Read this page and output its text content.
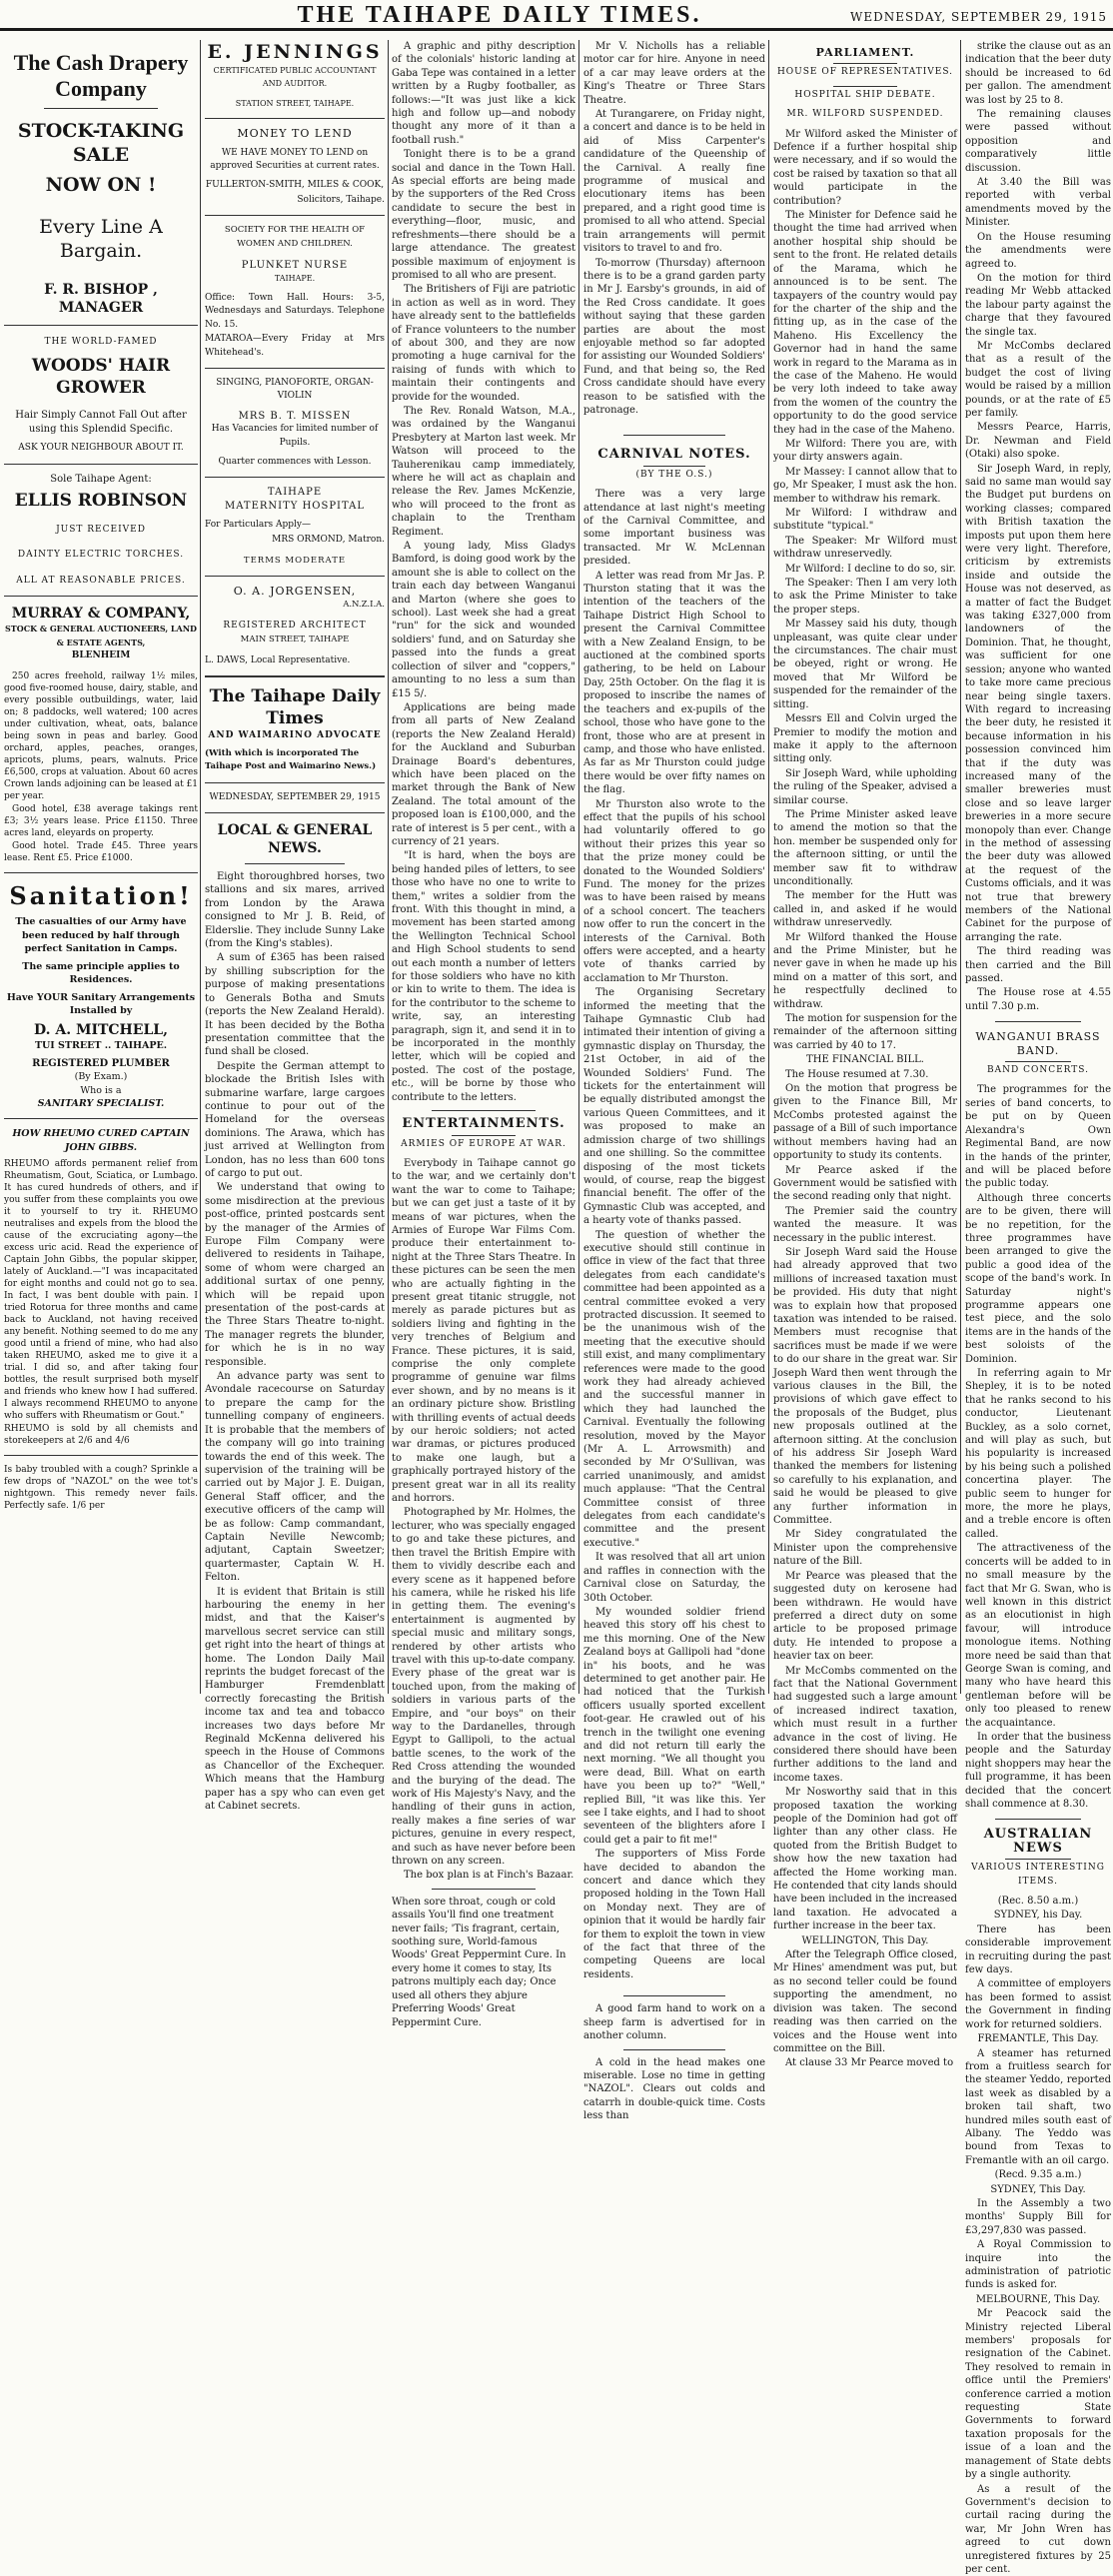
THE TAIHAPE DAILY TIMES.	WEDNESDAY, SEPTEMBER 29, 1915
The Cash Drapery Company
STOCK-TAKING SALE
NOW ON !
Every Line A Bargain.
F. R. BISHOP , MANAGER
THE WORLD-FAMED
WOODS' HAIR GROWER

Hair Simply Cannot Fall Out after using this Splendid Specific.

ASK YOUR NEIGHBOUR ABOUT IT.

Sole Taihape Agent:

ELLIS ROBINSON
JUST RECEIVED
DAINTY ELECTRIC TORCHES.
ALL AT REASONABLE PRICES.
MURRAY & COMPANY,
STOCK & GENERAL AUCTIONEERS, LAND & ESTATE AGENTS,
BLENHEIM

250 acres freehold, railway 1½ miles, good five-roomed house, dairy, stable, and every possible outbuildings, water, laid on; 8 paddocks, well watered; 100 acres under cultivation, wheat, oats, balance being sown in peas and barley. Good orchard, apples, peaches, oranges, apricots, plums, pears, walnuts. Price £6,500, crops at valuation. About 60 acres Crown lands adjoining can be leased at £1 per year.

Good hotel, £38 average takings rent £3; 3½ years lease. Price £1150. Three acres land, eleyards on property.

Good hotel. Trade £45. Three years lease. Rent £5. Price £1000.

Sanitation!

The casualties of our Army have been reduced by half through perfect Sanitation in Camps.

The same principle applies to Residences.

Have YOUR Sanitary Arrangements Installed by

D. A. MITCHELL,
TUI STREET .. TAIHAPE.
REGISTERED PLUMBER
(By Exam.)
Who is a
SANITARY SPECIALIST.
HOW RHEUMO CURED CAPTAIN JOHN GIBBS.

RHEUMO affords permanent relief from Rheumatism, Gout, Sciatica, or Lumbago. It has cured hundreds of others, and if you suffer from these complaints you owe it to yourself to try it. RHEUMO neutralises and expels from the blood the cause of the excruciating agony—the excess uric acid. Read the experience of Captain John Gibbs, the popular skipper, lately of Auckland.—"I was incapacitated for eight months and could not go to sea. In fact, I was bent double with pain. I tried Rotorua for three months and came back to Auckland, not having received any benefit. Nothing seemed to do me any good until a friend of mine, who had also taken RHEUMO, asked me to give it a trial. I did so, and after taking four bottles, the result surprised both myself and friends who knew how I had suffered. I always recommend RHEUMO to anyone who suffers with Rheumatism or Gout."

RHEUMO is sold by all chemists and storekeepers at 2/6 and 4/6

Is baby troubled with a cough? Sprinkle a few drops of "NAZOL" on the wee tot's nightgown. This remedy never fails. Perfectly safe. 1/6 per

E. JENNINGS
CERTIFICATED PUBLIC ACCOUNTANT AND AUDITOR.
STATION STREET, TAIHAPE.
MONEY TO LEND

WE HAVE MONEY TO LEND on approved Securities at current rates.

FULLERTON-SMITH, MILES & COOK,

Solicitors, Taihape.

SOCIETY FOR THE HEALTH OF WOMEN AND CHILDREN.
PLUNKET NURSE
TAIHAPE.

Office: Town Hall. Hours: 3-5, Wednesdays and Saturdays. Telephone No. 15.

MATAROA—Every Friday at Mrs Whitehead's.

SINGING, PIANOFORTE, ORGAN-VIOLIN
MRS B. T. MISSEN

Has Vacancies for limited number of Pupils.

Quarter commences with Lesson.

TAIHAPE
MATERNITY HOSPITAL

For Particulars Apply—

MRS ORMOND, Matron.

TERMS MODERATE
O. A. JORGENSEN,
A.N.Z.I.A.
REGISTERED ARCHITECT
MAIN STREET, TAIHAPE

L. DAWS, Local Representative.

The Taihape Daily Times
AND WAIMARINO ADVOCATE

(With which is incorporated The Taihape Post and Waimarino News.)

WEDNESDAY, SEPTEMBER 29, 1915
LOCAL & GENERAL NEWS.

Eight thoroughbred horses, two stallions and six mares, arrived from London by the Arawa consigned to Mr J. B. Reid, of Elderslie. They include Sunny Lake (from the King's stables).

A sum of £365 has been raised by shilling subscription for the purpose of making presentations to Generals Botha and Smuts (reports the New Zealand Herald). It has been decided by the Botha presentation committee that the fund shall be closed.

Despite the German attempt to blockade the British Isles with submarine warfare, large cargoes continue to pour out of the Homeland for the overseas dominions. The Arawa, which has just arrived at Wellington from London, has no less than 600 tons of cargo to put out.

We understand that owing to some misdirection at the previous post-office, printed postcards sent by the manager of the Armies of Europe Film Company were delivered to residents in Taihape, some of whom were charged an additional surtax of one penny, which will be repaid upon presentation of the post-cards at the Three Stars Theatre to-night. The manager regrets the blunder, for which he is in no way responsible.

An advance party was sent to Avondale racecourse on Saturday to prepare the camp for the tunnelling company of engineers. It is probable that the members of the company will go into training towards the end of this week. The supervision of the training will be carried out by Major J. E. Duigan, General Staff officer, and the executive officers of the camp will be as follow: Camp commandant, Captain Neville Newcomb; adjutant, Captain Sweetzer; quartermaster, Captain W. H. Felton.

It is evident that Britain is still harbouring the enemy in her midst, and that the Kaiser's marvellous secret service can still get right into the heart of things at home. The London Daily Mail reprints the budget forecast of the Hamburger Fremdenblatt correctly forecasting the British income tax and tea and tobacco increases two days before Mr Reginald McKenna delivered his speech in the House of Commons as Chancellor of the Exchequer. Which means that the Hamburg paper has a spy who can even get at Cabinet secrets.

A graphic and pithy description of the colonials' historic landing at Gaba Tepe was contained in a letter written by a Rugby footballer, as follows:—"It was just like a kick high and follow up—and nobody thought any more of it than a football rush."

Tonight there is to be a grand social and dance in the Town Hall. As special efforts are being made by the supporters of the Red Cross candidate to secure the best in everything—floor, music, and refreshments—there should be a large attendance. The greatest possible maximum of enjoyment is promised to all who are present.

The Britishers of Fiji are patriotic in action as well as in word. They have already sent to the battlefields of France volunteers to the number of about 300, and they are now promoting a huge carnival for the raising of funds with which to maintain their contingents and provide for the wounded.

The Rev. Ronald Watson, M.A., was ordained by the Wanganui Presbytery at Marton last week. Mr Watson will proceed to the Tauherenikau camp immediately, where he will act as chaplain and release the Rev. James McKenzie, who will proceed to the front as chaplain to the Trentham Regiment.

A young lady, Miss Gladys Bamford, is doing good work by the amount she is able to collect on the train each day between Wanganui and Marton (where she goes to school). Last week she had a great "run" for the sick and wounded soldiers' fund, and on Saturday she passed into the funds a great collection of silver and "coppers," amounting to no less a sum than £15 5/.

Applications are being made from all parts of New Zealand (reports the New Zealand Herald) for the Auckland and Suburban Drainage Board's debentures, which have been placed on the market through the Bank of New Zealand. The total amount of the proposed loan is £100,000, and the rate of interest is 5 per cent., with a currency of 21 years.

"It is hard, when the boys are being handed piles of letters, to see those who have no one to write to them," writes a soldier from the front. With this thought in mind, a movement has been started among the Wellington Technical School and High School students to send out each month a number of letters for those soldiers who have no kith or kin to write to them. The idea is for the contributor to the scheme to write, say, an interesting paragraph, sign it, and send it in to be incorporated in the monthly letter, which will be copied and posted. The cost of the postage, etc., will be borne by those who contribute to the letters.

ENTERTAINMENTS.
ARMIES OF EUROPE AT WAR.

Everybody in Taihape cannot go to the war, and we certainly don't want the war to come to Taihape; but we can get just a taste of it by means of war pictures, when the Armies of Europe War Films Com. produce their entertainment to-night at the Three Stars Theatre. In these pictures can be seen the men who are actually fighting in the present great titanic struggle, not merely as parade pictures but as soldiers living and fighting in the very trenches of Belgium and France. These pictures, it is said, comprise the only complete programme of genuine war films ever shown, and by no means is it an ordinary picture show. Bristling with thrilling events of actual deeds by our heroic soldiers; not acted war dramas, or pictures produced to make one laugh, but a graphically portrayed history of the present great war in all its reality and horrors.

Photographed by Mr. Holmes, the lecturer, who was specially engaged to go and take these pictures, and then travel the British Empire with them to vividly describe each and every scene as it happened before his camera, while he risked his life in getting them. The evening's entertainment is augmented by special music and military songs, rendered by other artists who travel with this up-to-date company. Every phase of the great war is touched upon, from the making of soldiers in various parts of the Empire, and "our boys" on their way to the Dardanelles, through Egypt to Gallipoli, to the actual battle scenes, to the work of the Red Cross attending the wounded and the burying of the dead. The work of His Majesty's Navy, and the handling of their guns in action, really makes a fine series of war pictures, genuine in every respect, and such as have never before been thrown on any screen.

The box plan is at Finch's Bazaar.

When sore throat, cough or cold assails You'll find one treatment never fails; 'Tis fragrant, certain, soothing sure, World-famous Woods' Great Peppermint Cure. In every home it comes to stay, Its patrons multiply each day; Once used all others they abjure Preferring Woods' Great Peppermint Cure.

Mr V. Nicholls has a reliable motor car for hire. Anyone in need of a car may leave orders at the King's Theatre or Three Stars Theatre.

At Turangarere, on Friday night, a concert and dance is to be held in aid of Miss Carpenter's candidature of the Queenship of the Carnival. A really fine programme of musical and elocutionary items has been prepared, and a right good time is promised to all who attend. Special train arrangements will permit visitors to travel to and fro.

To-morrow (Thursday) afternoon there is to be a grand garden party in Mr J. Earsby's grounds, in aid of the Red Cross candidate. It goes without saying that these garden parties are about the most enjoyable method so far adopted for assisting our Wounded Soldiers' Fund, and that being so, the Red Cross candidate should have every reason to be satisfied with the patronage.

CARNIVAL NOTES.
(BY THE O.S.)

There was a very large attendance at last night's meeting of the Carnival Committee, and some important business was transacted. Mr W. McLennan presided.

A letter was read from Mr Jas. P. Thurston stating that it was the intention of the teachers of the Taihape District High School to present the Carnival Committee with a New Zealand Ensign, to be auctioned at the combined sports gathering, to be held on Labour Day, 25th October. On the flag it is proposed to inscribe the names of the teachers and ex-pupils of the school, those who have gone to the front, those who are at present in camp, and those who have enlisted. As far as Mr Thurston could judge there would be over fifty names on the flag.

Mr Thurston also wrote to the effect that the pupils of his school had voluntarily offered to go without their prizes this year so that the prize money could be donated to the Wounded Soldiers' Fund. The money for the prizes was to have been raised by means of a school concert. The teachers now offer to run the concert in the interests of the Carnival. Both offers were accepted, and a hearty vote of thanks carried by acclamation to Mr Thurston.

The Organising Secretary informed the meeting that the Taihape Gymnastic Club had intimated their intention of giving a gymnastic display on Thursday, the 21st October, in aid of the Wounded Soldiers' Fund. The tickets for the entertainment will be equally distributed amongst the various Queen Committees, and it was proposed to make an admission charge of two shillings and one shilling. So the committee disposing of the most tickets would, of course, reap the biggest financial benefit. The offer of the Gymnastic Club was accepted, and a hearty vote of thanks passed.

The question of whether the executive should still continue in office in view of the fact that three delegates from each candidate's committee had been appointed as a central committee evoked a very protracted discussion. It seemed to be the unanimous wish of the meeting that the executive should still exist, and many complimentary references were made to the good work they had already achieved and the successful manner in which they had launched the Carnival. Eventually the following resolution, moved by the Mayor (Mr A. L. Arrowsmith) and seconded by Mr O'Sullivan, was carried unanimously, and amidst much applause: "That the Central Committee consist of three delegates from each candidate's committee and the present executive."

It was resolved that all art union and raffles in connection with the Carnival close on Saturday, the 30th October.

My wounded soldier friend heaved this story off his chest to me this morning. One of the New Zealand boys at Gallipoli had "done in" his boots, and he was determined to get another pair. He had noticed that the Turkish officers usually sported excellent foot-gear. He crawled out of his trench in the twilight one evening and did not return till early the next morning. "We all thought you were dead, Bill. What on earth have you been up to?" "Well," replied Bill, "it was like this. Yer see I take eights, and I had to shoot seventeen of the blighters afore I could get a pair to fit me!"

The supporters of Miss Forde have decided to abandon the concert and dance which they proposed holding in the Town Hall on Monday next. They are of opinion that it would be hardly fair for them to exploit the town in view of the fact that three of the competing Queens are local residents.

A good farm hand to work on a sheep farm is advertised for in another column.

A cold in the head makes one miserable. Lose no time in getting "NAZOL". Clears out colds and catarrh in double-quick time. Costs less than

PARLIAMENT.
HOUSE OF REPRESENTATIVES.
HOSPITAL SHIP DEBATE.
MR. WILFORD SUSPENDED.

Mr Wilford asked the Minister of Defence if a further hospital ship were necessary, and if so would the cost be raised by taxation so that all would participate in the contribution?

The Minister for Defence said he thought the time had arrived when another hospital ship should be sent to the front. He related details of the Marama, which he announced is to be sent. The taxpayers of the country would pay for the charter of the ship and the fitting up, as in the case of the Maheno. His Excellency the Governor had in hand the same work in regard to the Marama as in the case of the Maheno. He would be very loth indeed to take away from the women of the country the opportunity to do the good service they had in the case of the Maheno.

Mr Wilford: There you are, with your dirty answers again.

Mr Massey: I cannot allow that to go, Mr Speaker, I must ask the hon. member to withdraw his remark.

Mr Wilford: I withdraw and substitute "typical."

The Speaker: Mr Wilford must withdraw unreservedly.

Mr Wilford: I decline to do so, sir.

The Speaker: Then I am very loth to ask the Prime Minister to take the proper steps.

Mr Massey said his duty, though unpleasant, was quite clear under the circumstances. The chair must be obeyed, right or wrong. He moved that Mr Wilford be suspended for the remainder of the sitting.

Messrs Ell and Colvin urged the Premier to modify the motion and make it apply to the afternoon sitting only.

Sir Joseph Ward, while upholding the ruling of the Speaker, advised a similar course.

The Prime Minister asked leave to amend the motion so that the hon. member be suspended only for the afternoon sitting, or until the member saw fit to withdraw unconditionally.

The member for the Hutt was called in, and asked if he would withdraw unreservedly.

Mr Wilford thanked the House and the Prime Minister, but he never gave in when he made up his mind on a matter of this sort, and he respectfully declined to withdraw.

The motion for suspension for the remainder of the afternoon sitting was carried by 40 to 17.

THE FINANCIAL BILL.

The House resumed at 7.30.

On the motion that progress be given to the Finance Bill, Mr McCombs protested against the passage of a Bill of such importance without members having had an opportunity to study its contents.

Mr Pearce asked if the Government would be satisfied with the second reading only that night.

The Premier said the country wanted the measure. It was necessary in the public interest.

Sir Joseph Ward said the House had already approved that two millions of increased taxation must be provided. His duty that night was to explain how that proposed taxation was intended to be raised. Members must recognise that sacrifices must be made if we were to do our share in the great war. Sir Joseph Ward then went through the various clauses in the Bill, the provisions of which gave effect to the proposals of the Budget, plus new proposals outlined at the afternoon sitting. At the conclusion of his address Sir Joseph Ward thanked the members for listening so carefully to his explanation, and said he would be pleased to give any further information in Committee.

Mr Sidey congratulated the Minister upon the comprehensive nature of the Bill.

Mr Pearce was pleased that the suggested duty on kerosene had been withdrawn. He would have preferred a direct duty on some article to be proposed primage duty. He intended to propose a heavier tax on beer.

Mr McCombs commented on the fact that the National Government had suggested such a large amount of increased indirect taxation, which must result in a further advance in the cost of living. He considered there should have been further additions to the land and income taxes.

Mr Nosworthy said that in this proposed taxation the working people of the Dominion had got off lighter than any other class. He quoted from the British Budget to show how the new taxation had affected the Home working man. He contended that city lands should have been included in the increased land taxation. He advocated a further increase in the beer tax.

WELLINGTON, This Day.

After the Telegraph Office closed, Mr Hines' amendment was put, but as no second teller could be found supporting the amendment, no division was taken. The second reading was then carried on the voices and the House went into committee on the Bill.

At clause 33 Mr Pearce moved to

strike the clause out as an indication that the beer duty should be increased to 6d per gallon. The amendment was lost by 25 to 8.

The remaining clauses were passed without opposition and comparatively little discussion.

At 3.40 the Bill was reported with verbal amendments moved by the Minister.

On the House resuming the amendments were agreed to.

On the motion for third reading Mr Webb attacked the labour party against the charge that they favoured the single tax.

Mr McCombs declared that as a result of the budget the cost of living would be raised by a million pounds, or at the rate of £5 per family.

Messrs Pearce, Harris, Dr. Newman and Field (Otaki) also spoke.

Sir Joseph Ward, in reply, said no same man would say the Budget put burdens on working classes; compared with British taxation the imposts put upon them here were very light. Therefore, criticism by extremists inside and outside the House was not deserved, as a matter of fact the Budget was taking £327,000 from landowners of the Dominion. That, he thought, was sufficient for one session; anyone who wanted to take more came precious near being single taxers. With regard to increasing the beer duty, he resisted it because information in his possession convinced him that if the duty was increased many of the smaller breweries must close and so leave larger breweries in a more secure monopoly than ever. Change in the method of assessing the beer duty was allowed at the request of the Customs officials, and it was not true that brewery members of the National Cabinet for the purpose of arranging the rate.

The third reading was then carried and the Bill passed.

The House rose at 4.55 until 7.30 p.m.

WANGANUI BRASS BAND.
BAND CONCERTS.

The programmes for the series of band concerts, to be put on by Queen Alexandra's Own Regimental Band, are now in the hands of the printer, and will be placed before the public today.

Although three concerts are to be given, there will be no repetition, for the three programmes have been arranged to give the public a good idea of the scope of the band's work. In Saturday night's programme appears one test piece, and the solo items are in the hands of the best soloists of the Dominion.

In referring again to Mr Shepley, it is to be noted that he ranks second to his conductor, Lieutenant Buckley, as a solo cornet, and will play as such, but his popularity is increased by his being such a polished concertina player. The public seem to hunger for more, the more he plays, and a treble encore is often called.

The attractiveness of the concerts will be added to in no small measure by the fact that Mr G. Swan, who is well known in this district as an elocutionist in high favour, will introduce monologue items. Nothing more need be said than that George Swan is coming, and many who have heard this gentleman before will be only too pleased to renew the acquaintance.

In order that the business people and the Saturday night shoppers may hear the full programme, it has been decided that the concert shall commence at 8.30.

AUSTRALIAN NEWS
VARIOUS INTERESTING ITEMS.

(Rec. 8.50 a.m.)

SYDNEY, his Day.

There has been considerable improvement in recruiting during the past few days.

A committee of employers has been formed to assist the Government in finding work for returned soldiers.

FREMANTLE, This Day.

A steamer has returned from a fruitless search for the steamer Yeddo, reported last week as disabled by a broken tail shaft, two hundred miles south east of Albany. The Yeddo was bound from Texas to Fremantle with an oil cargo.

(Recd. 9.35 a.m.)

SYDNEY, This Day.

In the Assembly a two months' Supply Bill for £3,297,830 was passed.

A Royal Commission to inquire into the administration of patriotic funds is asked for.

MELBOURNE, This Day.

Mr Peacock said the Ministry rejected Liberal members' proposals for resignation of the Cabinet. They resolved to remain in office until the Premiers' conference carried a motion requesting State Governments to forward taxation proposals for the issue of a loan and the management of State debts by a single authority.

As a result of the Government's decision to curtail racing during the war, Mr John Wren has agreed to cut down unregistered fixtures by 25 per cent.
